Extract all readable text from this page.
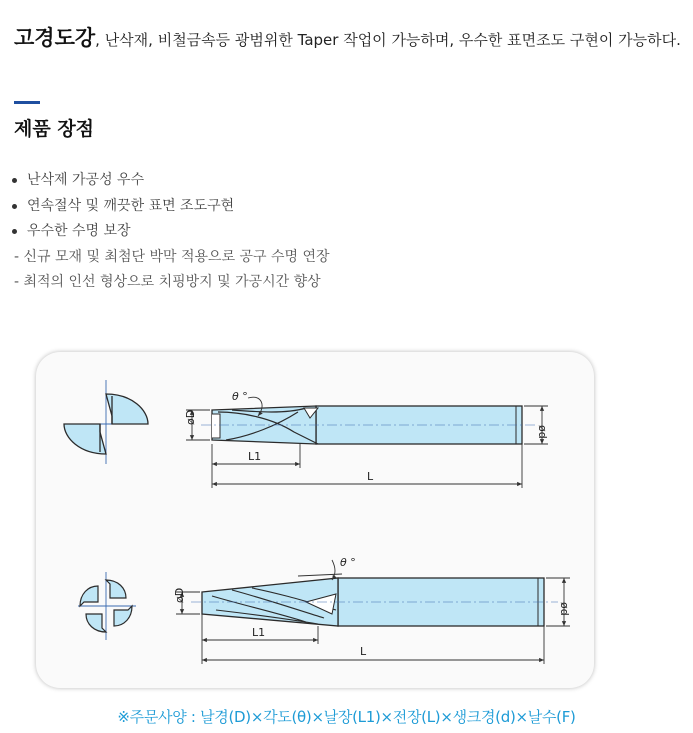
고경도강, 난삭재, 비철금속등 광범위한 Taper 작업이 가능하며, 우수한 표면조도 구현이 가능하다.
제품 장점
난삭제 가공성 우수
연속절삭 및 깨끗한 표면 조도구현
우수한 수명 보장
- 신규 모재 및 최첨단 박막 적용으로 공구 수명 연장
- 최적의 인선 형상으로 치핑방지 및 가공시간 향상
θ °
øD
ød
L1
L
θ °
øD
ød
L1
L
※주문사양 : 날경(D)×각도(θ)×날장(L1)×전장(L)×생크경(d)×날수(F)
